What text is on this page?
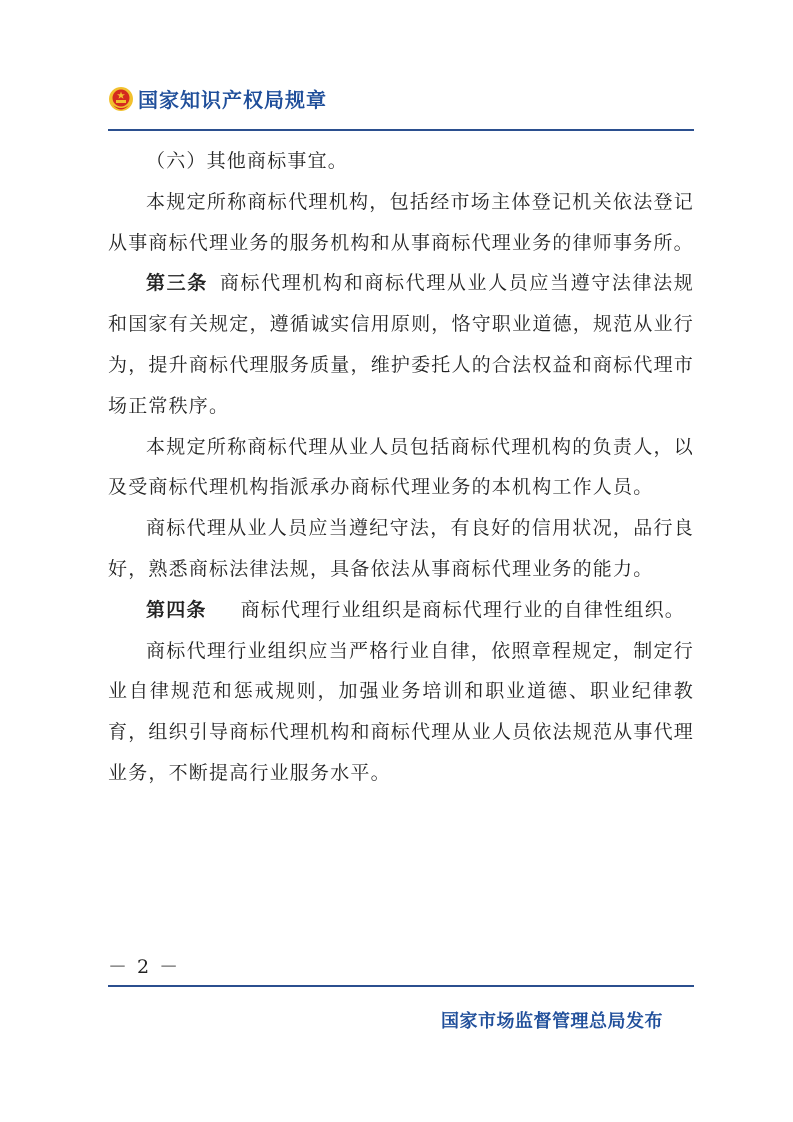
国家知识产权局规章

（六）其他商标事宜。

本规定所称商标代理机构，包括经市场主体登记机关依法登记从事商标代理业务的服务机构和从事商标代理业务的律师事务所。

第三条 商标代理机构和商标代理从业人员应当遵守法律法规和国家有关规定，遵循诚实信用原则，恪守职业道德，规范从业行为，提升商标代理服务质量，维护委托人的合法权益和商标代理市场正常秩序。

本规定所称商标代理从业人员包括商标代理机构的负责人，以及受商标代理机构指派承办商标代理业务的本机构工作人员。

商标代理从业人员应当遵纪守法，有良好的信用状况，品行良好，熟悉商标法律法规，具备依法从事商标代理业务的能力。

第四条 商标代理行业组织是商标代理行业的自律性组织。

商标代理行业组织应当严格行业自律，依照章程规定，制定行业自律规范和惩戒规则，加强业务培训和职业道德、职业纪律教育，组织引导商标代理机构和商标代理从业人员依法规范从事代理业务，不断提高行业服务水平。

－ 2 －
国家市场监督管理总局发布
